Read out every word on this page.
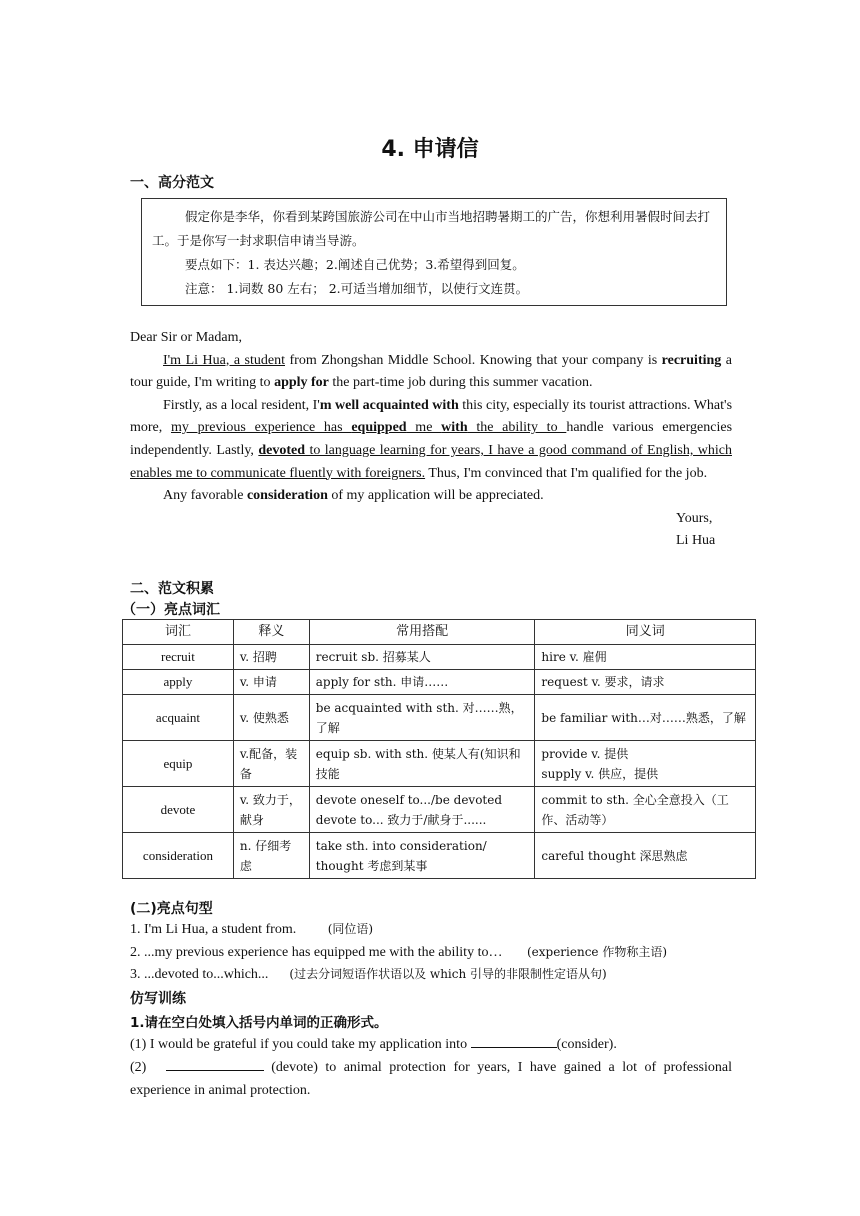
4. 申请信
一、高分范文

假定你是李华，你看到某跨国旅游公司在中山市当地招聘暑期工的广告，你想利用暑假时间去打工。于是你写一封求职信申请当导游。

要点如下：1. 表达兴趣；2.阐述自己优势；3.希望得到回复。

注意： 1.词数 80 左右； 2.可适当增加细节，以使行文连贯。

Dear Sir or Madam,

I'm Li Hua, a student from Zhongshan Middle School. Knowing that your company is recruiting a tour guide, I'm writing to apply for the part-time job during this summer vacation.

Firstly, as a local resident, I'm well acquainted with this city, especially its tourist attractions. What's more, my previous experience has equipped me with the ability to handle various emergencies independently. Lastly, devoted to language learning for years, I have a good command of English, which enables me to communicate fluently with foreigners. Thus, I'm convinced that I'm qualified for the job.

Any favorable consideration of my application will be appreciated.

Yours,

Li Hua

二、范文积累
（一）亮点词汇
词汇	释义	常用搭配	同义词
recruit	v. 招聘	recruit sb. 招募某人	hire v. 雇佣
apply	v. 申请	apply for sth. 申请……	request v. 要求，请求
acquaint	v. 使熟悉	be acquainted with sth. 对……熟，了解	be familiar with…对……熟悉，了解
equip	v.配备，装备	equip sb. with sth. 使某人有(知识和技能	provide v. 提供
supply v. 供应，提供

devote	v. 致力于，献身	devote oneself to.../be devoted devote to... 致力于/献身于......	commit to sth. 全心全意投入（工作、活动等）
consideration	n. 仔细考虑	take sth. into consideration/ thought 考虑到某事	careful thought 深思熟虑
(二)亮点句型
1. I'm Li Hua, a student from.	(同位语)
2. ...my previous experience has equipped me with the ability to… (experience 作物称主语)
3. ...devoted to...which... (过去分词短语作状语以及 which 引导的非限制性定语从句)
仿写训练
1.请在空白处填入括号内单词的正确形式。
(1) I would be grateful if you could take my application into	(consider).
(2)	(devote) to animal protection for years, I have gained a lot of professional experience in animal protection.
